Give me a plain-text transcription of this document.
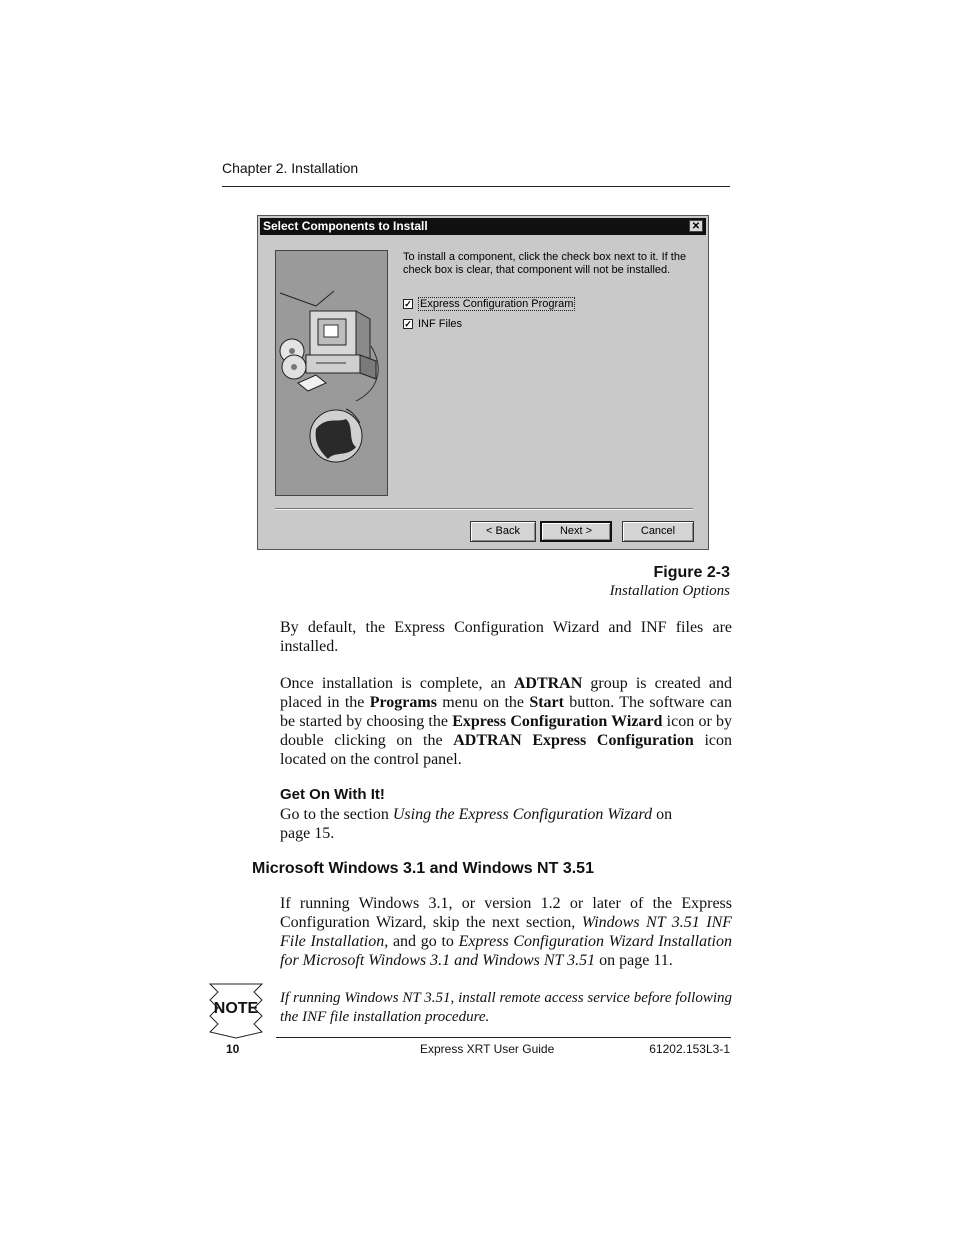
Chapter 2. Installation
Select Components to Install	✕
To install a component, click the check box next to it. If the check box is clear, that component will not be installed.
✓ Express Configuration Program
✓ INF Files
< Back	Next >	Cancel
Figure 2-3
Installation Options
By default, the Express Configuration Wizard and INF files are installed.
Once installation is complete, an ADTRAN group is created and placed in the Programs menu on the Start button. The software can be started by choosing the Express Configuration Wizard icon or by double clicking on the ADTRAN Express Configuration icon located on the control panel.
Get On With It!
Go to the section Using the Express Configuration Wizard on page 15.
Microsoft Windows 3.1 and Windows NT 3.51
If running Windows 3.1, or version 1.2 or later of the Express Configuration Wizard, skip the next section, Windows NT 3.51 INF File Installation, and go to Express Configuration Wizard Installation for Microsoft Windows 3.1 and Windows NT 3.51 on page 11.
NOTE
If running Windows NT 3.51, install remote access service before following the INF file installation procedure.
10	Express XRT User Guide	61202.153L3-1
